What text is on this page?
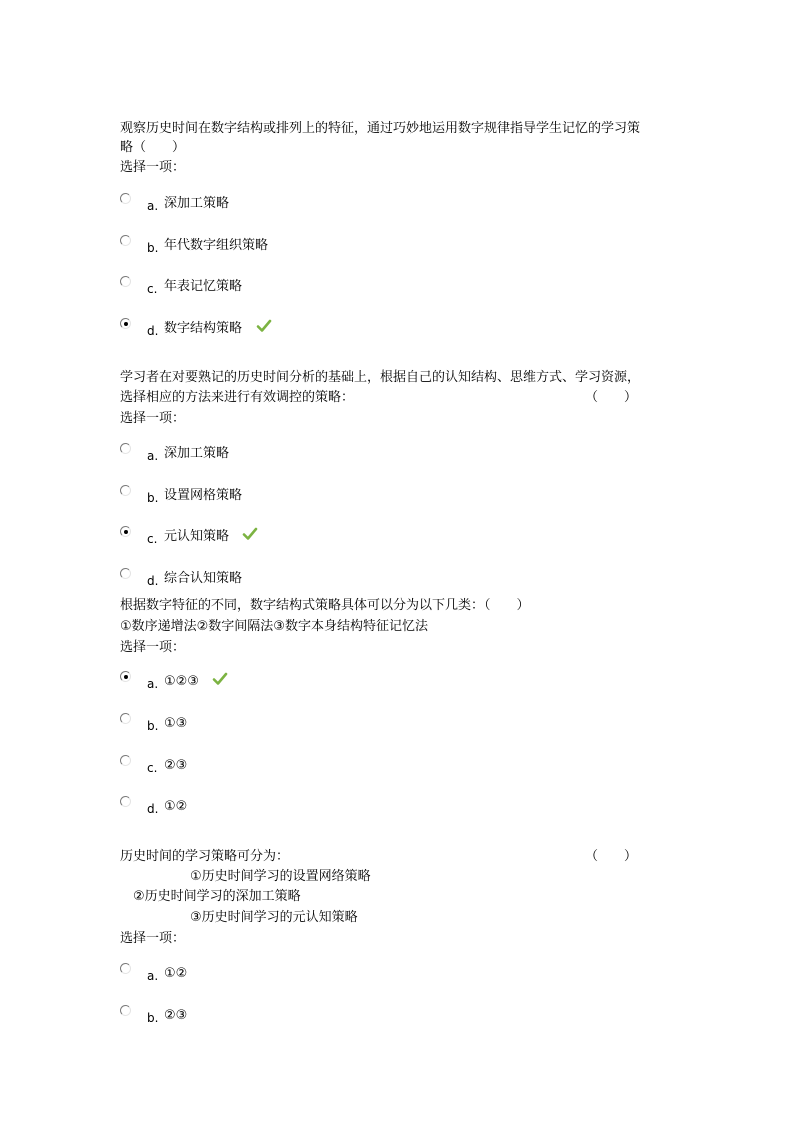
观察历史时间在数字结构或排列上的特征，通过巧妙地运用数字规律指导学生记忆的学习策
略（　　）
选择一项：
a. 深加工策略
b. 年代数字组织策略
c. 年表记忆策略
d. 数字结构策略
学习者在对要熟记的历史时间分析的基础上，根据自己的认知结构、思维方式、学习资源，
选择相应的方法来进行有效调控的策略：	（　　）
选择一项：
a. 深加工策略
b. 设置网格策略
c. 元认知策略
d. 综合认知策略
根据数字特征的不同，数字结构式策略具体可以分为以下几类：（　　）
①数序递增法②数字间隔法③数字本身结构特征记忆法
选择一项：
a. ①②③
b. ①③
c. ②③
d. ①②
历史时间的学习策略可分为：	（　　）
①历史时间学习的设置网络策略
②历史时间学习的深加工策略
③历史时间学习的元认知策略
选择一项：
a. ①②
b. ②③
